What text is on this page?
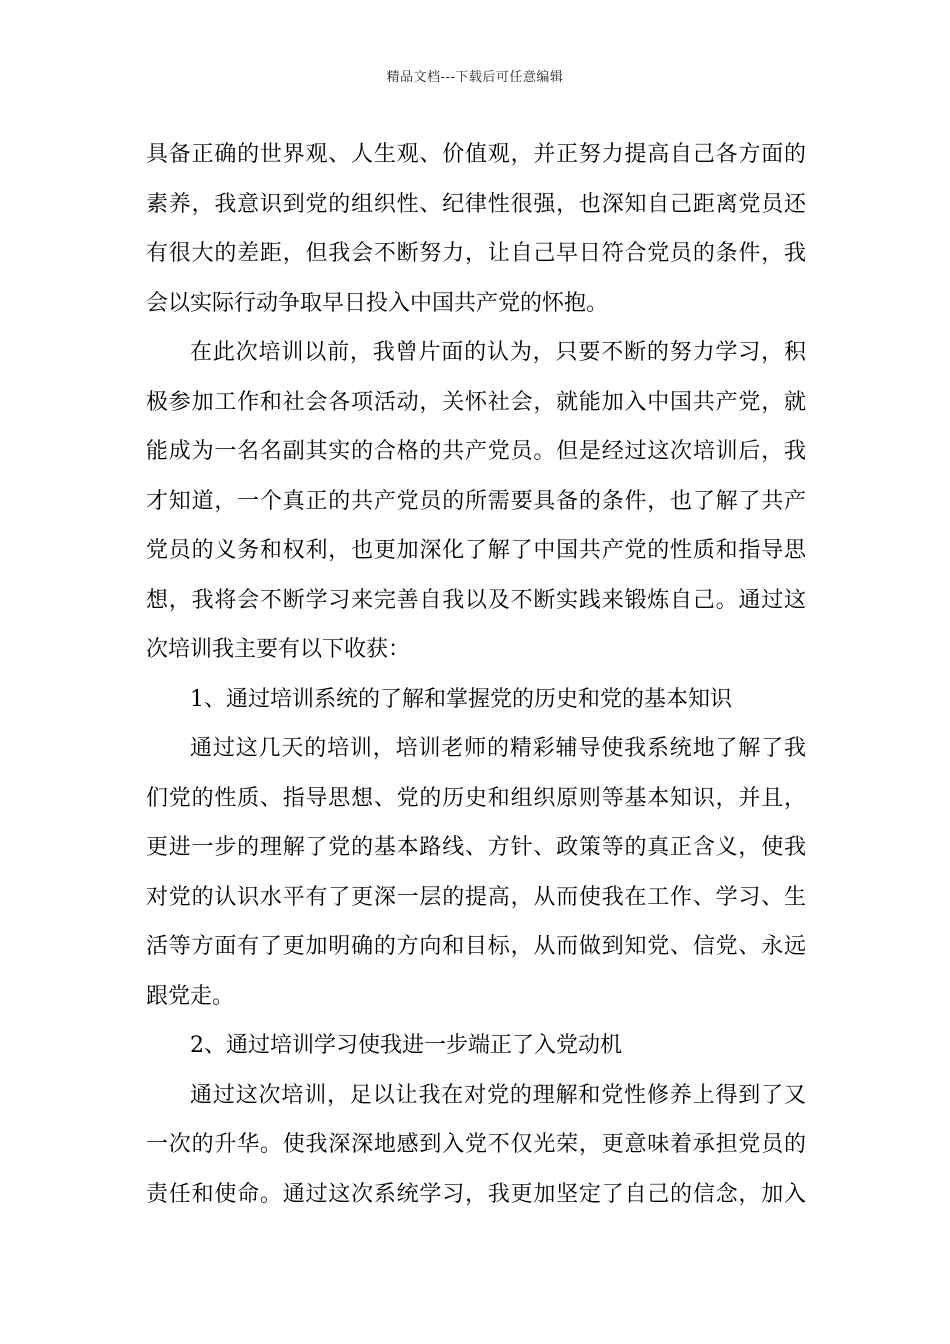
精品文档---下载后可任意编辑
具备正确的世界观、人生观、价值观，并正努力提高自己各方面的
素养，我意识到党的组织性、纪律性很强，也深知自己距离党员还
有很大的差距，但我会不断努力，让自己早日符合党员的条件，我
会以实际行动争取早日投入中国共产党的怀抱。
在此次培训以前，我曾片面的认为，只要不断的努力学习，积
极参加工作和社会各项活动，关怀社会，就能加入中国共产党，就
能成为一名名副其实的合格的共产党员。但是经过这次培训后，我
才知道，一个真正的共产党员的所需要具备的条件，也了解了共产
党员的义务和权利，也更加深化了解了中国共产党的性质和指导思
想，我将会不断学习来完善自我以及不断实践来锻炼自己。通过这
次培训我主要有以下收获：
1、通过培训系统的了解和掌握党的历史和党的基本知识
通过这几天的培训，培训老师的精彩辅导使我系统地了解了我
们党的性质、指导思想、党的历史和组织原则等基本知识，并且，
更进一步的理解了党的基本路线、方针、政策等的真正含义，使我
对党的认识水平有了更深一层的提高，从而使我在工作、学习、生
活等方面有了更加明确的方向和目标，从而做到知党、信党、永远
跟党走。
2、通过培训学习使我进一步端正了入党动机
通过这次培训，足以让我在对党的理解和党性修养上得到了又
一次的升华。使我深深地感到入党不仅光荣，更意味着承担党员的
责任和使命。通过这次系统学习，我更加坚定了自己的信念，加入
